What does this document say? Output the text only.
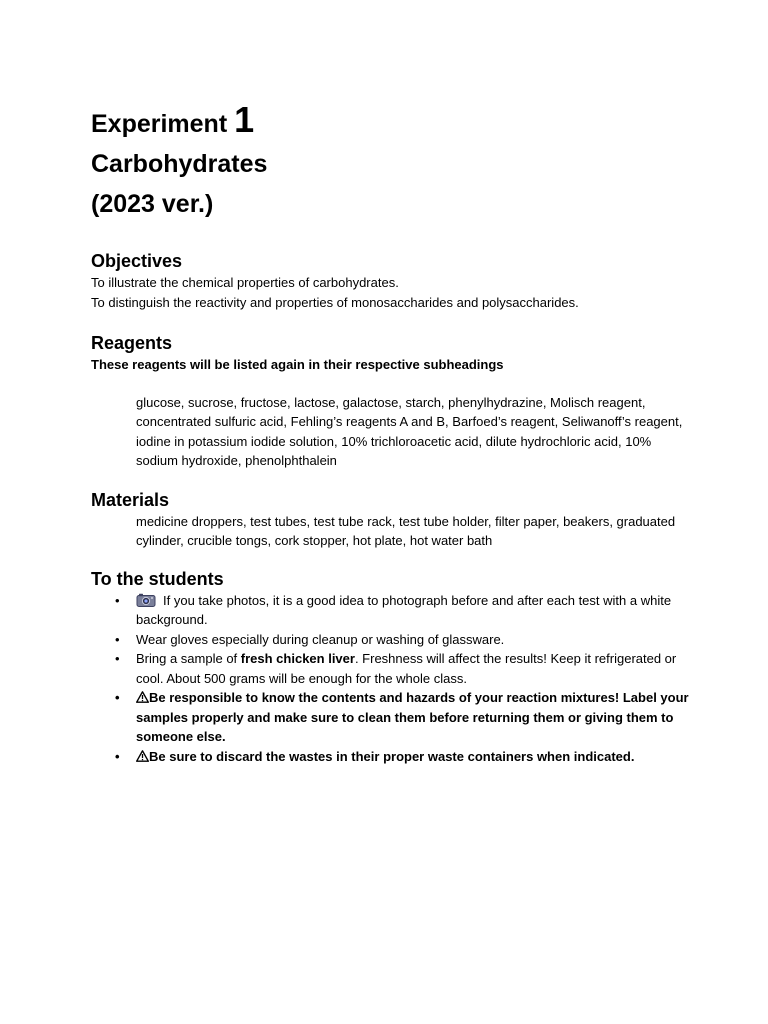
Experiment 1

Carbohydrates

(2023 ver.)

Objectives

To illustrate the chemical properties of carbohydrates.

To distinguish the reactivity and properties of monosaccharides and polysaccharides.

Reagents

These reagents will be listed again in their respective subheadings

glucose, sucrose, fructose, lactose, galactose, starch, phenylhydrazine, Molisch reagent, concentrated sulfuric acid, Fehling’s reagents A and B, Barfoed’s reagent, Seliwanoff’s reagent, iodine in potassium iodide solution, 10% trichloroacetic acid, dilute hydrochloric acid, 10% sodium hydroxide, phenolphthalein

Materials

medicine droppers, test tubes, test tube rack, test tube holder, filter paper, beakers, graduated cylinder, crucible tongs, cork stopper, hot plate, hot water bath

To the students
•	If you take photos, it is a good idea to photograph before and after each test with a white background.
• Wear gloves especially during cleanup or washing of glassware.
• Bring a sample of fresh chicken liver. Freshness will affect the results! Keep it refrigerated or cool. About 500 grams will be enough for the whole class.
• Be responsible to know the contents and hazards of your reaction mixtures! Label your samples properly and make sure to clean them before returning them or giving them to someone else.
• Be sure to discard the wastes in their proper waste containers when indicated.
